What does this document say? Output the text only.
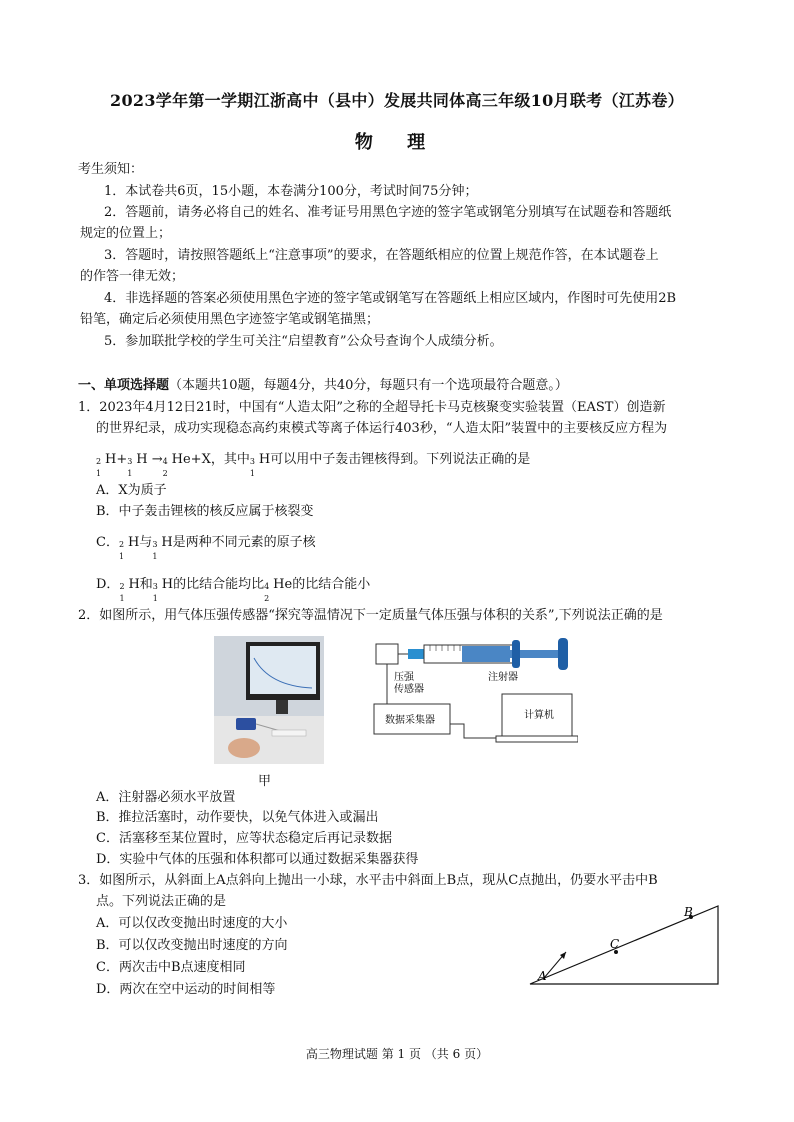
2023学年第一学期江浙高中（县中）发展共同体高三年级10月联考（江苏卷）
物 理
考生须知：
1．本试卷共6页，15小题，本卷满分100分，考试时间75分钟；
2．答题前，请务必将自己的姓名、准考证号用黑色字迹的签字笔或钢笔分别填写在试题卷和答题纸
规定的位置上；
3．答题时，请按照答题纸上“注意事项”的要求，在答题纸相应的位置上规范作答，在本试题卷上
的作答一律无效；
4．非选择题的答案必须使用黑色字迹的签字笔或钢笔写在答题纸上相应区域内，作图时可先使用2B
铅笔，确定后必须使用黑色字迹签字笔或钢笔描黑；
5．参加联批学校的学生可关注“启望教育”公众号查询个人成绩分析。
一、单项选择题（本题共10题，每题4分，共40分，每题只有一个选项最符合题意。）
1．2023年4月12日21时，中国有“人造太阳”之称的全超导托卡马克核聚变实验装置（EAST）创造新
的世界纪录，成功实现稳态高约束模式等离子体运行403秒，“人造太阳”装置中的主要核反应方程为
2
1
H+ 3
1
H → 4
2
He+X，其中 3
1
H可以用中子轰击锂核得到。下列说法正确的是
A．X为质子
B．中子轰击锂核的核反应属于核裂变
C． 2
1
H与 3
1
H是两种不同元素的原子核
D． 2
1
H和 3
1
H的比结合能均比 4
2
He的比结合能小
2．如图所示，用气体压强传感器“探究等温情况下一定质量气体压强与体积的关系”,下列说法正确的是
甲
压强
传感器
注射器
数据采集器	计算机
A．注射器必须水平放置
B．推拉活塞时，动作要快，以免气体进入或漏出
C．活塞移至某位置时，应等状态稳定后再记录数据
D．实验中气体的压强和体积都可以通过数据采集器获得
3．如图所示，从斜面上A点斜向上抛出一小球，水平击中斜面上B点，现从C点抛出，仍要水平击中B
点。下列说法正确的是
A．可以仅改变抛出时速度的大小
B．可以仅改变抛出时速度的方向
C．两次击中B点速度相同
D．两次在空中运动的时间相等
A
C
B
高三物理试题 第 1 页 （共 6 页）
